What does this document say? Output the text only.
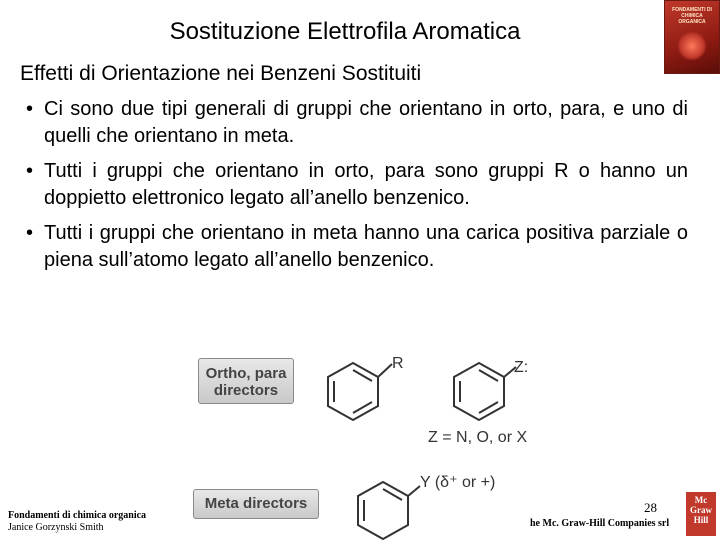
Sostituzione Elettrofila Aromatica
Effetti di Orientazione nei Benzeni Sostituiti
FONDAMENTI DI CHIMICA ORGANICA
• Ci sono due tipi generali di gruppi che orientano in orto, para, e uno di quelli che orientano in meta.
• Tutti i gruppi che orientano in orto, para sono gruppi R o hanno un doppietto elettronico legato all’anello benzenico.
• Tutti i gruppi che orientano in meta hanno una carica positiva parziale o piena sull’atomo legato all’anello benzenico.
Ortho, para
directors
Meta directors
R	Z:
Z = N, O, or X
Y (δ⁺ or +)
Fondamenti di chimica organica
Janice Gorzynski Smith
28
he Mc. Graw-Hill Companies srl
Mc Graw Hill
